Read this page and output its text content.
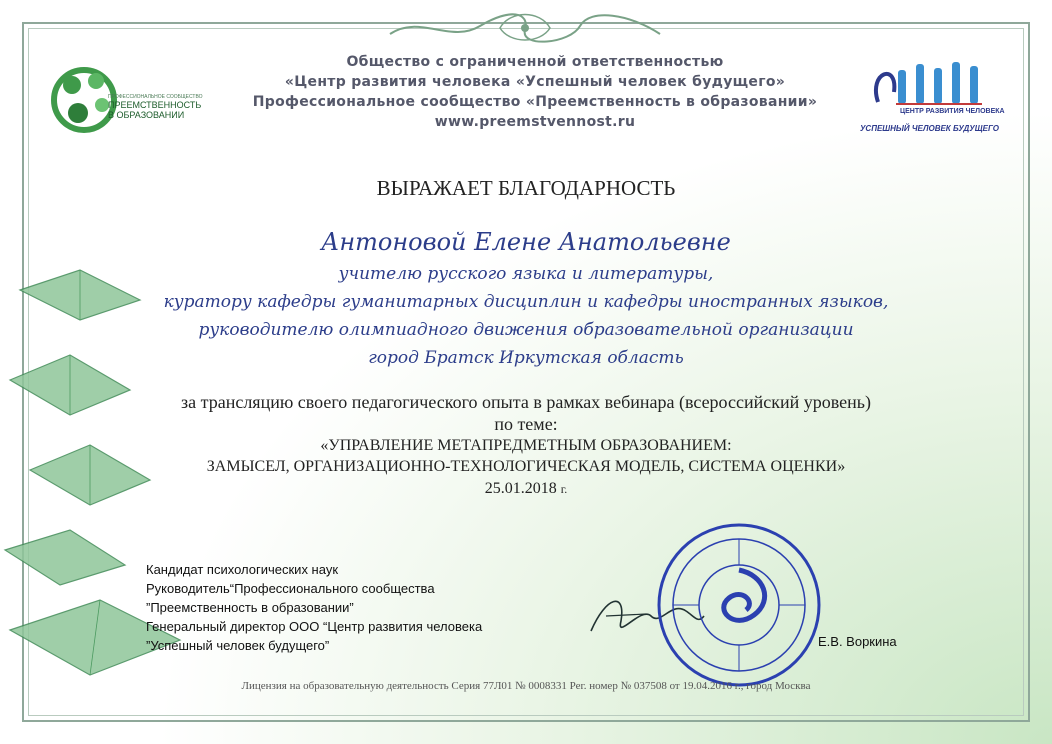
ПРОФЕССИОНАЛЬНОЕ СООБЩЕСТВО
ПРЕЕМСТВЕННОСТЬ
В ОБРАЗОВАНИИ	ЦЕНТР РАЗВИТИЯ ЧЕЛОВЕКА
УСПЕШНЫЙ ЧЕЛОВЕК БУДУЩЕГО
Общество с ограниченной ответственностью
«Центр развития человека «Успешный человек будущего»
Профессиональное сообщество «Преемственность в образовании»
www.preemstvennost.ru
ВЫРАЖАЕТ БЛАГОДАРНОСТЬ
Антоновой Елене Анатольевне
учителю русского языка и литературы,
куратору кафедры гуманитарных дисциплин и кафедры иностранных языков,
руководителю олимпиадного движения образовательной организации
город Братск Иркутская область
за трансляцию своего педагогического опыта в рамках вебинара (всероссийский уровень)
по теме:
«УПРАВЛЕНИЕ МЕТАПРЕДМЕТНЫМ ОБРАЗОВАНИЕМ:
ЗАМЫСЕЛ, ОРГАНИЗАЦИОННО-ТЕХНОЛОГИЧЕСКАЯ МОДЕЛЬ, СИСТЕМА ОЦЕНКИ»
25.01.2018 г.
Кандидат психологических наук
Руководитель“Профессионального сообщества
”Преемственность в образовании”
Генеральный директор ООО “Центр развития человека
”Успешный человек будущего”	Е.В. Воркина
Лицензия на образовательную деятельность Серия 77Л01 № 0008331 Рег. номер № 037508 от 19.04.2016 г., город Москва
